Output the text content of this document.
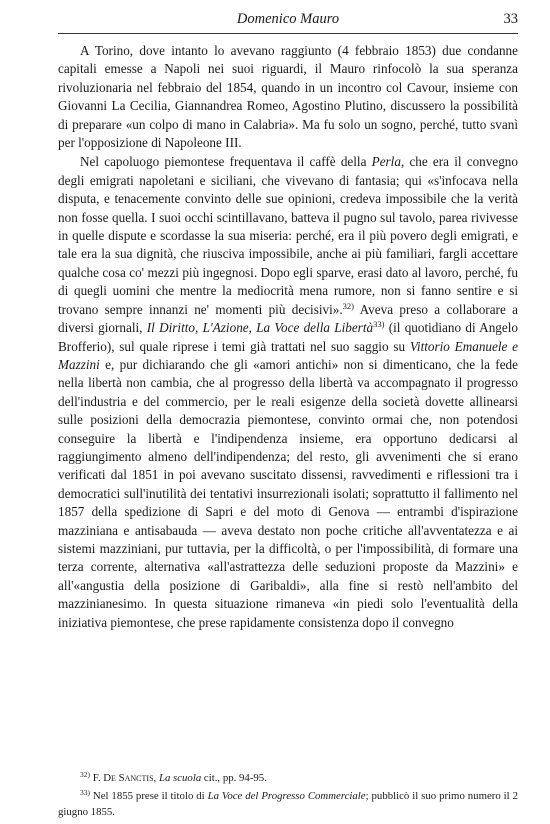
Domenico Mauro	33

A Torino, dove intanto lo avevano raggiunto (4 febbraio 1853) due condanne capitali emesse a Napoli nei suoi riguardi, il Mauro rinfocolò la sua speranza rivoluzionaria nel febbraio del 1854, quando in un incontro col Cavour, insieme con Giovanni La Cecilia, Giannandrea Romeo, Agostino Plutino, discussero la possibilità di preparare «un colpo di mano in Calabria». Ma fu solo un sogno, perché, tutto svanì per l'opposizione di Napoleone III.

Nel capoluogo piemontese frequentava il caffè della Perla, che era il convegno degli emigrati napoletani e siciliani, che vivevano di fantasia; qui «s'infocava nella disputa, e tenacemente convinto delle sue opinioni, credeva impossibile che la verità non fosse quella. I suoi occhi scintillavano, batteva il pugno sul tavolo, parea rivivesse in quelle dispute e scordasse la sua miseria: perché, era il più povero degli emigrati, e tale era la sua dignità, che riusciva impossibile, anche ai più familiari, fargli accettare qualche cosa co' mezzi più ingegnosi. Dopo egli sparve, erasi dato al lavoro, perché, fu di quegli uomini che mentre la mediocrità mena rumore, non si fanno sentire e si trovano sempre innanzi ne' momenti più decisivi».$^{32)}$ Aveva preso a collaborare a diversi giornali, Il Diritto, L'Azione, La Voce della Libertà$^{33)}$ (il quotidiano di Angelo Brofferio), sul quale riprese i temi già trattati nel suo saggio su Vittorio Emanuele e Mazzini e, pur dichiarando che gli «amori antichi» non si dimenticano, che la fede nella libertà non cambia, che al progresso della libertà va accompagnato il progresso dell'industria e del commercio, per le reali esigenze della società dovette allinearsi sulle posizioni della democrazia piemontese, convinto ormai che, non potendosi conseguire la libertà e l'indipendenza insieme, era opportuno dedicarsi al raggiungimento almeno dell'indipendenza; del resto, gli avvenimenti che si erano verificati dal 1851 in poi avevano suscitato dissensi, ravvedimenti e riflessioni tra i democratici sull'inutilità dei tentativi insurrezionali isolati; soprattutto il fallimento nel 1857 della spedizione di Sapri e del moto di Genova — entrambi d'ispirazione mazziniana e antisabauda — aveva destato non poche critiche all'avventatezza e ai sistemi mazziniani, pur tuttavia, per la difficoltà, o per l'impossibilità, di formare una terza corrente, alternativa «all'astrattezza delle seduzioni proposte da Mazzini» e all'«angustia della posizione di Garibaldi», alla fine si restò nell'ambito del mazzinianesimo. In questa situazione rimaneva «in piedi solo l'eventualità della iniziativa piemontese, che prese rapidamente consistenza dopo il convegno

$^{32)}$ F. De Sanctis, La scuola cit., pp. 94-95.

$^{33)}$ Nel 1855 prese il titolo di La Voce del Progresso Commerciale; pubblicò il suo primo numero il 2 giugno 1855.
